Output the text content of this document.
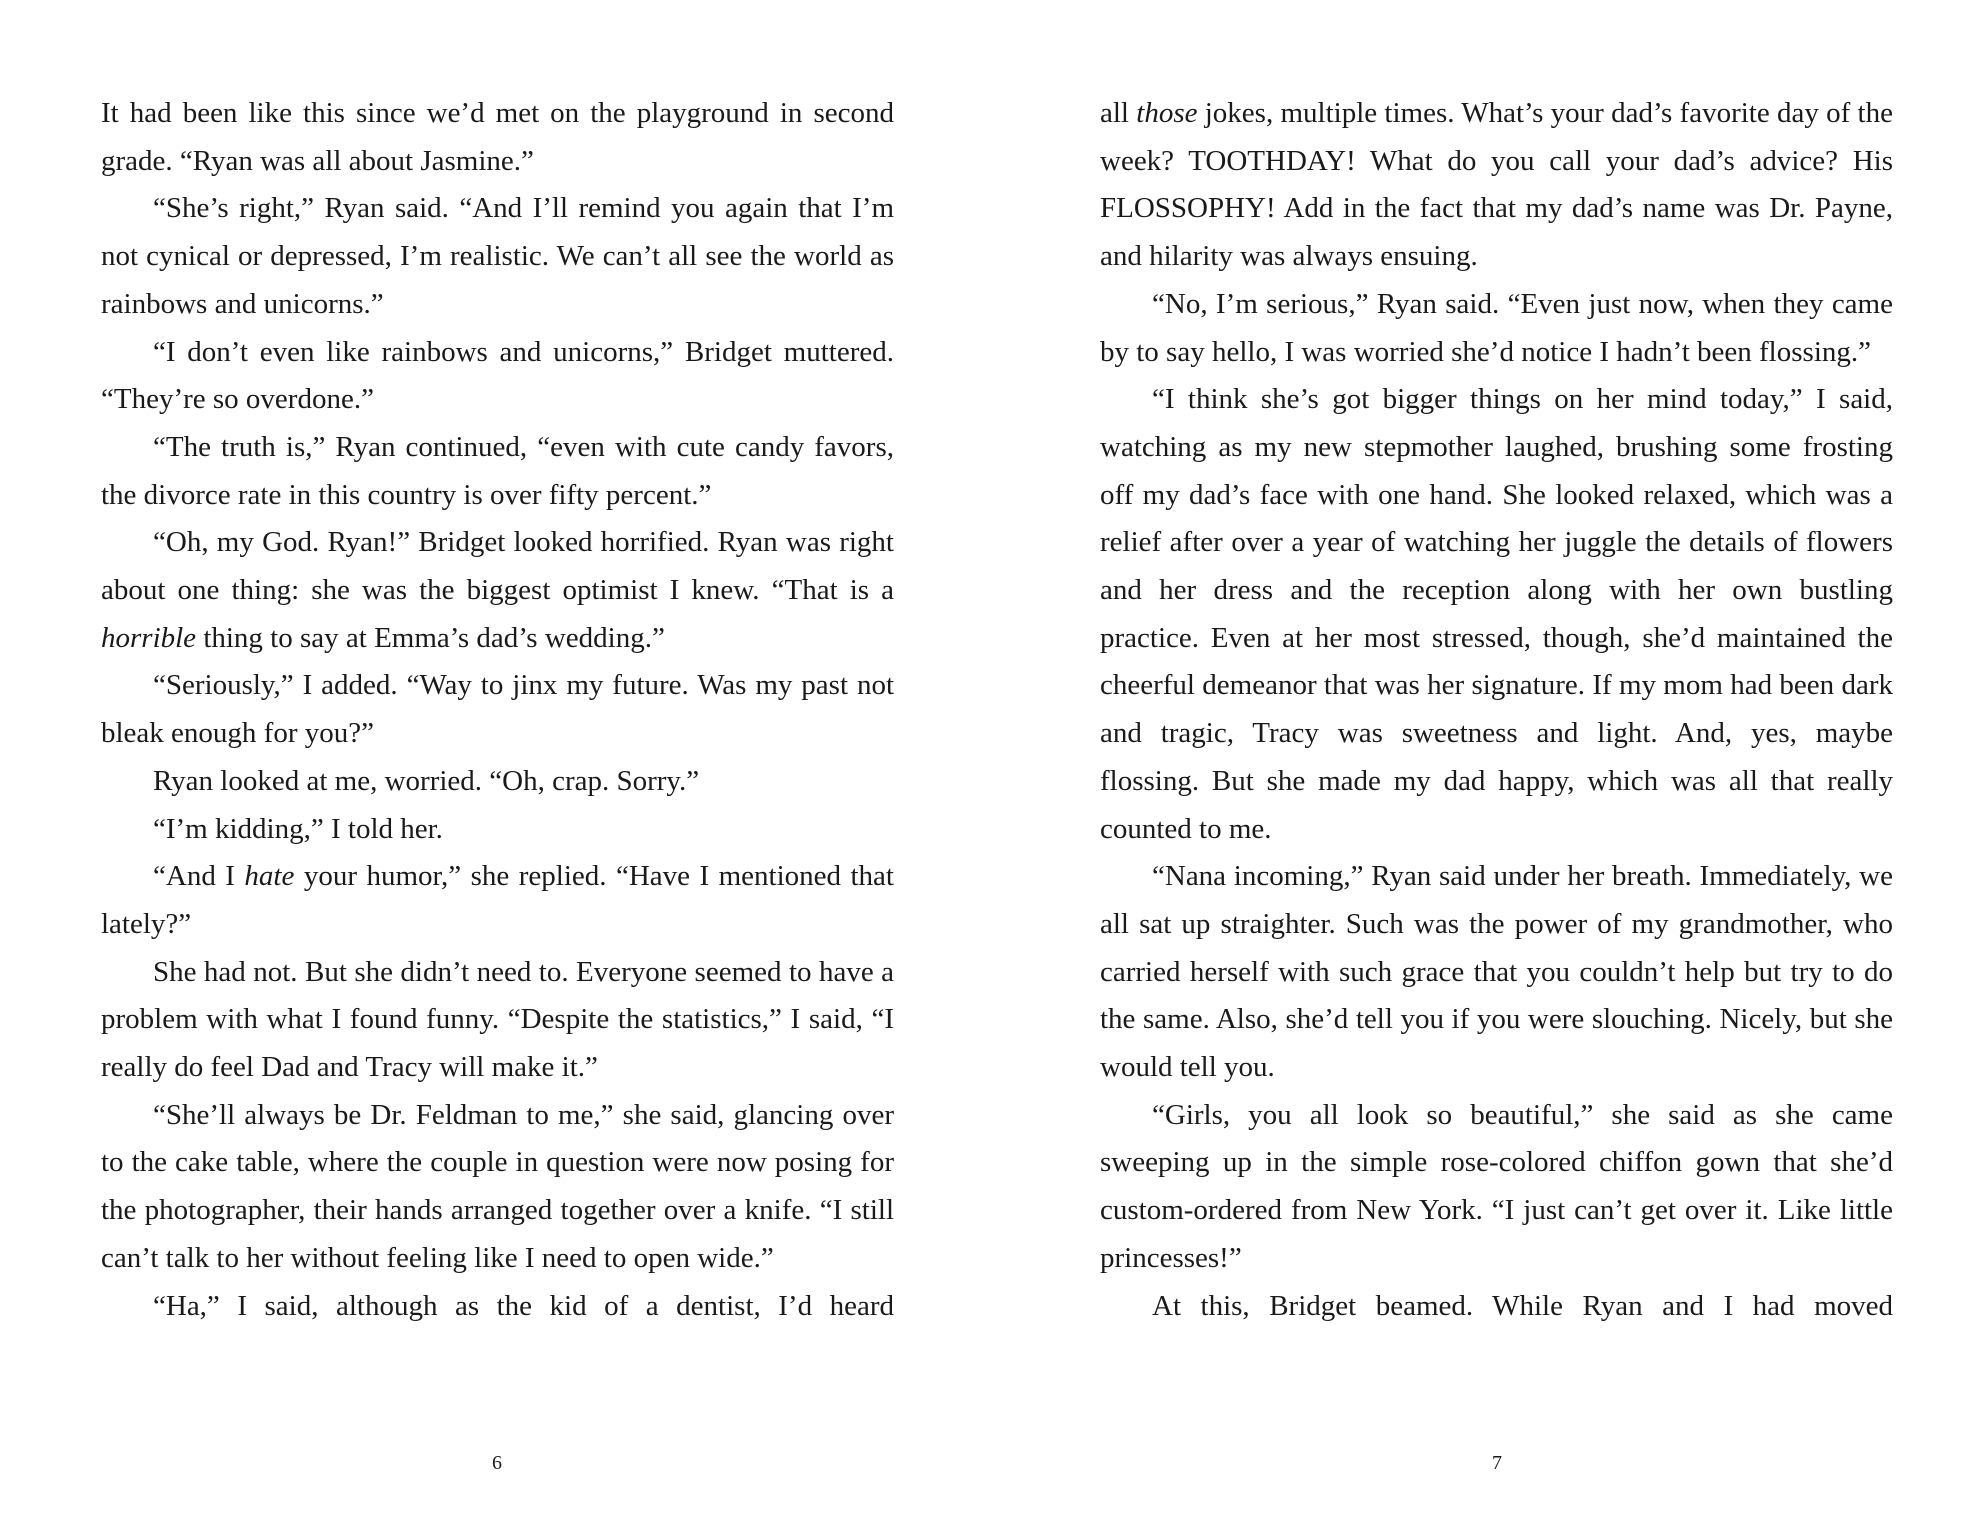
It had been like this since we’d met on the playground in second grade. “Ryan was all about Jasmine.”

“She’s right,” Ryan said. “And I’ll remind you again that I’m not cynical or depressed, I’m realistic. We can’t all see the world as rainbows and unicorns.”

“I don’t even like rainbows and unicorns,” Bridget muttered. “They’re so overdone.”

“The truth is,” Ryan continued, “even with cute candy favors, the divorce rate in this country is over fifty percent.”

“Oh, my God. Ryan!” Bridget looked horrified. Ryan was right about one thing: she was the biggest optimist I knew. “That is a horrible thing to say at Emma’s dad’s wedding.”

“Seriously,” I added. “Way to jinx my future. Was my past not bleak enough for you?”

Ryan looked at me, worried. “Oh, crap. Sorry.”

“I’m kidding,” I told her.

“And I hate your humor,” she replied. “Have I mentioned that lately?”

She had not. But she didn’t need to. Everyone seemed to have a problem with what I found funny. “Despite the statistics,” I said, “I really do feel Dad and Tracy will make it.”

“She’ll always be Dr. Feldman to me,” she said, glancing over to the cake table, where the couple in question were now posing for the photographer, their hands arranged together over a knife. “I still can’t talk to her without feeling like I need to open wide.”

“Ha,” I said, although as the kid of a dentist, I’d heard

all those jokes, multiple times. What’s your dad’s favorite day of the week? TOOTHDAY! What do you call your dad’s advice? His FLOSSOPHY! Add in the fact that my dad’s name was Dr. Payne, and hilarity was always ensuing.

“No, I’m serious,” Ryan said. “Even just now, when they came by to say hello, I was worried she’d notice I hadn’t been flossing.”

“I think she’s got bigger things on her mind today,” I said, watching as my new stepmother laughed, brushing some frosting off my dad’s face with one hand. She looked relaxed, which was a relief after over a year of watching her juggle the details of flowers and her dress and the reception along with her own bustling practice. Even at her most stressed, though, she’d maintained the cheerful demeanor that was her signature. If my mom had been dark and tragic, Tracy was sweetness and light. And, yes, maybe flossing. But she made my dad happy, which was all that really counted to me.

“Nana incoming,” Ryan said under her breath. Immediately, we all sat up straighter. Such was the power of my grandmother, who carried herself with such grace that you couldn’t help but try to do the same. Also, she’d tell you if you were slouching. Nicely, but she would tell you.

“Girls, you all look so beautiful,” she said as she came sweeping up in the simple rose-colored chiffon gown that she’d custom-ordered from New York. “I just can’t get over it. Like little princesses!”

At this, Bridget beamed. While Ryan and I had moved

6	7
